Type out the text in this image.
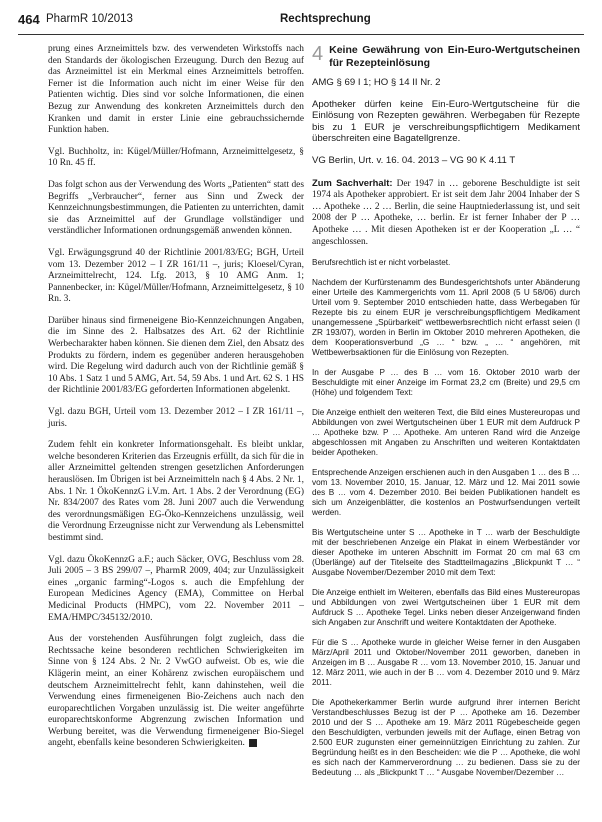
464 PharmR 10/2013	Rechtsprechung

prung eines Arzneimittels bzw. des verwendeten Wirkstoffs nach den Standards der ökologischen Erzeugung. Durch den Bezug auf das Arzneimittel ist ein Merkmal eines Arzneimittels betroffen. Ferner ist die Information auch nicht im einer Weise für den Patienten wichtig. Dies sind vor solche Informationen, die einen Bezug zur Anwendung des konkreten Arzneimittels durch den Kranken und damit in erster Linie eine gebrauchssichernde Funktion haben.

Vgl. Buchholtz, in: Kügel/Müller/Hofmann, Arzneimittelgesetz, § 10 Rn. 45 ff.

Das folgt schon aus der Verwendung des Worts „Patienten“ statt des Begriffs „Verbraucher“, ferner aus Sinn und Zweck der Kennzeichnungsbestimmungen, die Patienten zu unterrichten, damit sie das Arzneimittel auf der Grundlage vollständiger und verständlicher Informationen ordnungsgemäß anwenden können.

Vgl. Erwägungsgrund 40 der Richtlinie 2001/83/EG; BGH, Urteil vom 13. Dezember 2012 – I ZR 161/11 –, juris; Kloesel/Cyran, Arzneimittelrecht, 124. Lfg. 2013, § 10 AMG Anm. 1; Pannenbecker, in: Kügel/Müller/Hofmann, Arzneimittelgesetz, § 10 Rn. 3.

Darüber hinaus sind firmeneigene Bio-Kennzeichnungen Angaben, die im Sinne des 2. Halbsatzes des Art. 62 der Richtlinie Werbecharakter haben können. Sie dienen dem Ziel, den Absatz des Produkts zu fördern, indem es gegenüber anderen herausgehoben wird. Die Regelung wird dadurch auch von der Richtlinie gemäß § 10 Abs. 1 Satz 1 und 5 AMG, Art. 54, 59 Abs. 1 und Art. 62 S. 1 HS der Richtlinie 2001/83/EG geforderten Informationen abgelenkt.

Vgl. dazu BGH, Urteil vom 13. Dezember 2012 – I ZR 161/11 –, juris.

Zudem fehlt ein konkreter Informationsgehalt. Es bleibt unklar, welche besonderen Kriterien das Erzeugnis erfüllt, da sich für die in aller Arzneimittel geltenden strengen gesetzlichen Anforderungen herauslösen. Im Übrigen ist bei Arzneimitteln nach § 4 Abs. 2 Nr. 1, Abs. 1 Nr. 1 ÖkoKennzG i.V.m. Art. 1 Abs. 2 der Verordnung (EG) Nr. 834/2007 des Rates vom 28. Juni 2007 auch die Verwendung des verordnungsmäßigen EG-Öko-Kennzeichens unzulässig, weil die Verordnung Erzeugnisse nicht zur Verwendung als Lebensmittel bestimmt sind.

Vgl. dazu ÖkoKennzG a.F.; auch Säcker, OVG, Beschluss vom 28. Juli 2005 – 3 BS 299/07 –, PharmR 2009, 404; zur Unzulässigkeit eines „organic farming“-Logos s. auch die Empfehlung der European Medicines Agency (EMA), Committee on Herbal Medicinal Products (HMPC), vom 22. November 2011 – EMA/HMPC/345132/2010.

Aus der vorstehenden Ausführungen folgt zugleich, dass die Rechtssache keine besonderen rechtlichen Schwierigkeiten im Sinne von § 124 Abs. 2 Nr. 2 VwGO aufweist. Ob es, wie die Klägerin meint, an einer Kohärenz zwischen europäischem und deutschem Arzneimittelrecht fehlt, kann dahinstehen, weil die Verwendung eines firmeneigenen Bio-Zeichens auch nach den europarechtlichen Vorgaben unzulässig ist. Die weiter angeführte europarechtskonforme Abgrenzung zwischen Information und Werbung bereitet, was die Verwendung firmeneigener Bio-Siegel angeht, ebenfalls keine besonderen Schwierigkeiten.

4 Keine Gewährung von Ein-Euro-Wertgutscheinen für Rezepteinlösung

AMG § 69 I 1; HO § 14 II Nr. 2

Apotheker dürfen keine Ein-Euro-Wertgutscheine für die Einlösung von Rezepten gewähren. Werbegaben für Rezepte bis zu 1 EUR je verschreibungspflichtigem Medikament überschreiten eine Bagatellgrenze.

VG Berlin, Urt. v. 16. 04. 2013 – VG 90 K 4.11 T

Zum Sachverhalt: Der 1947 in … geborene Beschuldigte ist seit 1974 als Apotheker approbiert. Er ist seit dem Jahr 2004 Inhaber der S … Apotheke … 2 … Berlin, die seine Hauptniederlassung ist, und seit 2008 der P … Apotheke, … berlin. Er ist ferner Inhaber der P … Apotheke … . Mit diesen Apotheken ist er der Kooperation „L … “ angeschlossen.

Berufsrechtlich ist er nicht vorbelastet.

Nachdem der Kurfürstenamm des Bundesgerichtshofs unter Abänderung einer Urteile des Kammergerichts vom 11. April 2008 (5 U 58/06) durch Urteil vom 9. September 2010 entschieden hatte, dass Werbegaben für Rezepte bis zu einem EUR je verschreibungspflichtigem Medikament unangemessene „Spürbarkeit“ wettbewerbsrechtlich nicht erfasst seien (I ZR 193/07), worden in Berlin im Oktober 2010 mehreren Apotheken, die dem Kooperationsverbund „G … “ bzw. „ … “ angehören, mit Wettbewerbsaktionen für die Einlösung von Rezepten.

In der Ausgabe P … des B … vom 16. Oktober 2010 warb der Beschuldigte mit einer Anzeige im Format 23,2 cm (Breite) und 29,5 cm (Höhe) und folgendem Text:

Die Anzeige enthielt den weiteren Text, die Bild eines Mustereuropas und Abbildungen von zwei Wertgutscheinen über 1 EUR mit dem Aufdruck P … Apotheke bzw. P … Apotheke. Am unteren Rand wird die Anzeige abgeschlossen mit Angaben zu Anschriften und weiteren Kontaktdaten beider Apotheken.

Entsprechende Anzeigen erschienen auch in den Ausgaben 1 … des B … vom 13. November 2010, 15. Januar, 12. März und 12. Mai 2011 sowie des B … vom 4. Dezember 2010. Bei beiden Publikationen handelt es sich um Anzeigenblätter, die kostenlos an Postwurfsendungen verteilt werden.

Bis Wertgutscheine unter S … Apotheke in T … warb der Beschuldigte mit der beschriebenen Anzeige ein Plakat in einem Werbeständer vor dieser Apotheke im unteren Abschnitt im Format 20 cm mal 63 cm (Überlänge) auf der Titelseite des Stadtteilmagazins „Blickpunkt T … “ Ausgabe November/Dezember 2010 mit dem Text:

Die Anzeige enthielt im Weiteren, ebenfalls das Bild eines Mustereuropas und Abbildungen von zwei Wertgutscheinen über 1 EUR mit dem Aufdruck S … Apotheke Tegel. Links neben dieser Anzeigenwand finden sich Angaben zur Anschrift und weitere Kontaktdaten der Apotheke.

Für die S … Apotheke wurde in gleicher Weise ferner in den Ausgaben März/April 2011 und Oktober/November 2011 geworben, daneben in Anzeigen im B … Ausgabe R … vom 13. November 2010, 15. Januar und 12. März 2011, wie auch in der B … vom 4. Dezember 2010 und 9. März 2011.

Die Apothekerkammer Berlin wurde aufgrund ihrer internen Bericht Verstandbeschlusses Bezug ist der P … Apotheke am 16. Dezember 2010 und der S … Apotheke am 19. März 2011 Rügebescheide gegen den Beschuldigten, verbunden jeweils mit der Auflage, einen Betrag von 2.500 EUR zugunsten einer gemeinnützigen Einrichtung zu zahlen. Zur Begründung heißt es in den Bescheiden: wie die P … Apotheke, die wohl es sich nach der Kammerverordnung … zu bedienen. Dass sie zu der Bedeutung … als „Blickpunkt T … “ Ausgabe November/Dezember …
